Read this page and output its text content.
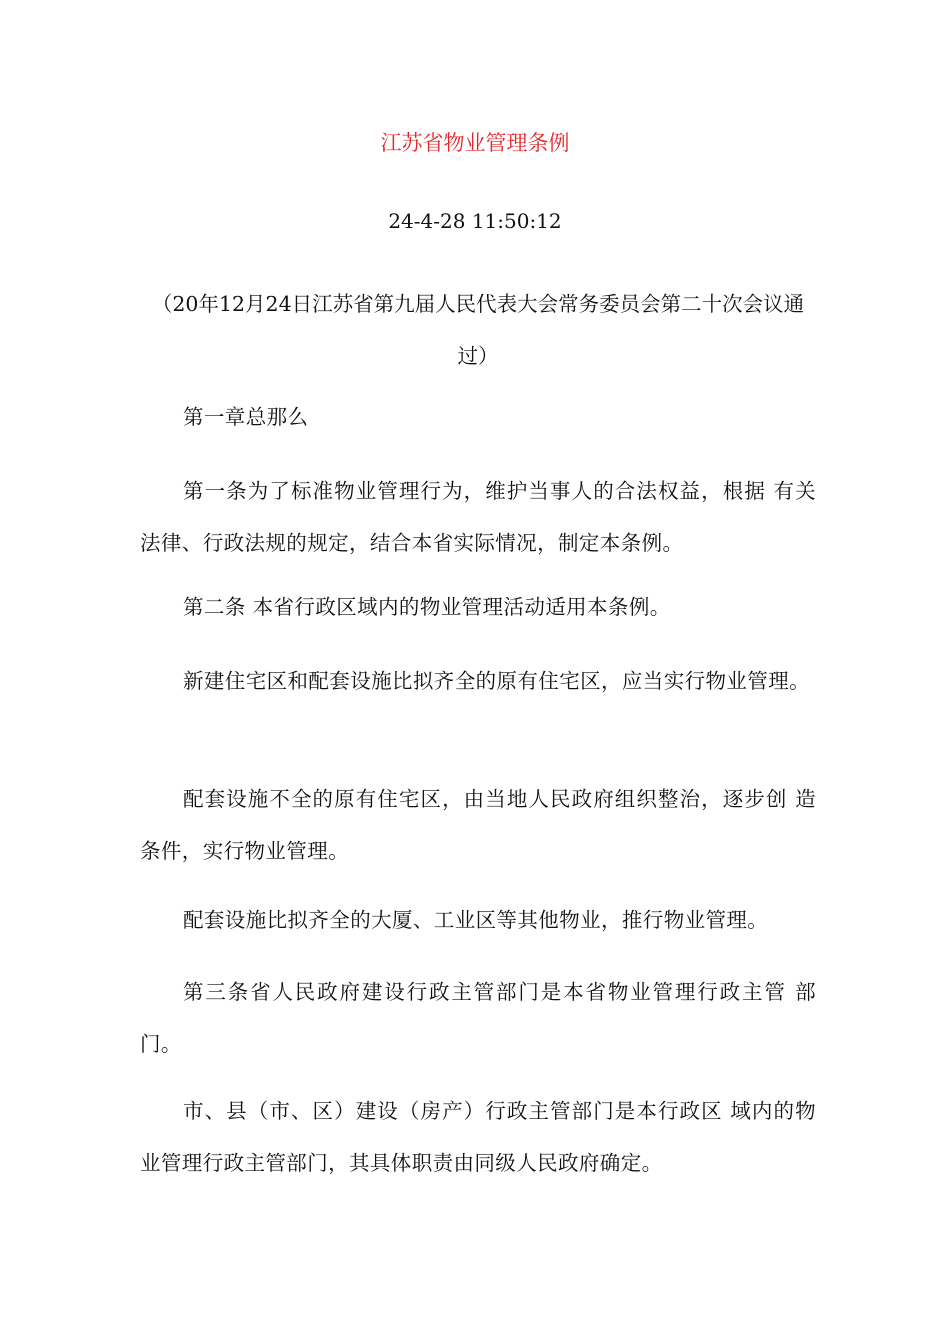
江苏省物业管理条例
24-4-28 11:50:12
（20年12月24日江苏省第九届人民代表大会常务委员会第二十次会议通过）
第一章总那么
第一条为了标准物业管理行为，维护当事人的合法权益，根据 有关法律、行政法规的规定，结合本省实际情况，制定本条例。
第二条 本省行政区域内的物业管理活动适用本条例。
新建住宅区和配套设施比拟齐全的原有住宅区，应当实行物业管理。
配套设施不全的原有住宅区，由当地人民政府组织整治，逐步创 造条件，实行物业管理。
配套设施比拟齐全的大厦、工业区等其他物业，推行物业管理。
第三条省人民政府建设行政主管部门是本省物业管理行政主管 部门。
市、县（市、区）建设（房产）行政主管部门是本行政区 域内的物业管理行政主管部门，其具体职责由同级人民政府确定。
